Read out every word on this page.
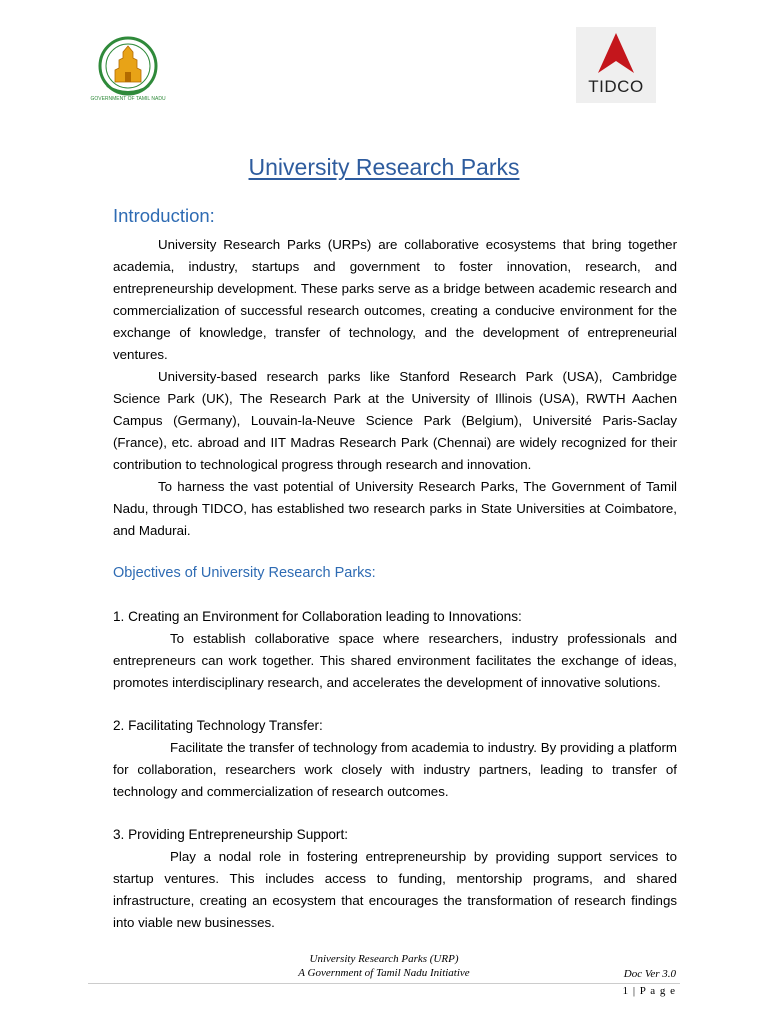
GOVERNMENT OF TAMIL NADU
TIDCO
University Research Parks
Introduction:

University Research Parks (URPs) are collaborative ecosystems that bring together academia, industry, startups and government to foster innovation, research, and entrepreneurship development. These parks serve as a bridge between academic research and commercialization of successful research outcomes, creating a conducive environment for the exchange of knowledge, transfer of technology, and the development of entrepreneurial ventures.

University-based research parks like Stanford Research Park (USA), Cambridge Science Park (UK), The Research Park at the University of Illinois (USA), RWTH Aachen Campus (Germany), Louvain-la-Neuve Science Park (Belgium), Université Paris-Saclay (France), etc. abroad and IIT Madras Research Park (Chennai) are widely recognized for their contribution to technological progress through research and innovation.

To harness the vast potential of University Research Parks, The Government of Tamil Nadu, through TIDCO, has established two research parks in State Universities at Coimbatore, and Madurai.

Objectives of University Research Parks:
1. Creating an Environment for Collaboration leading to Innovations:

To establish collaborative space where researchers, industry professionals and entrepreneurs can work together. This shared environment facilitates the exchange of ideas, promotes interdisciplinary research, and accelerates the development of innovative solutions.

2. Facilitating Technology Transfer:

Facilitate the transfer of technology from academia to industry. By providing a platform for collaboration, researchers work closely with industry partners, leading to transfer of technology and commercialization of research outcomes.

3. Providing Entrepreneurship Support:

Play a nodal role in fostering entrepreneurship by providing support services to startup ventures. This includes access to funding, mentorship programs, and shared infrastructure, creating an ecosystem that encourages the transformation of research findings into viable new businesses.

University Research Parks (URP)
A Government of Tamil Nadu Initiative	Doc Ver 3.0
1 | P a g e
